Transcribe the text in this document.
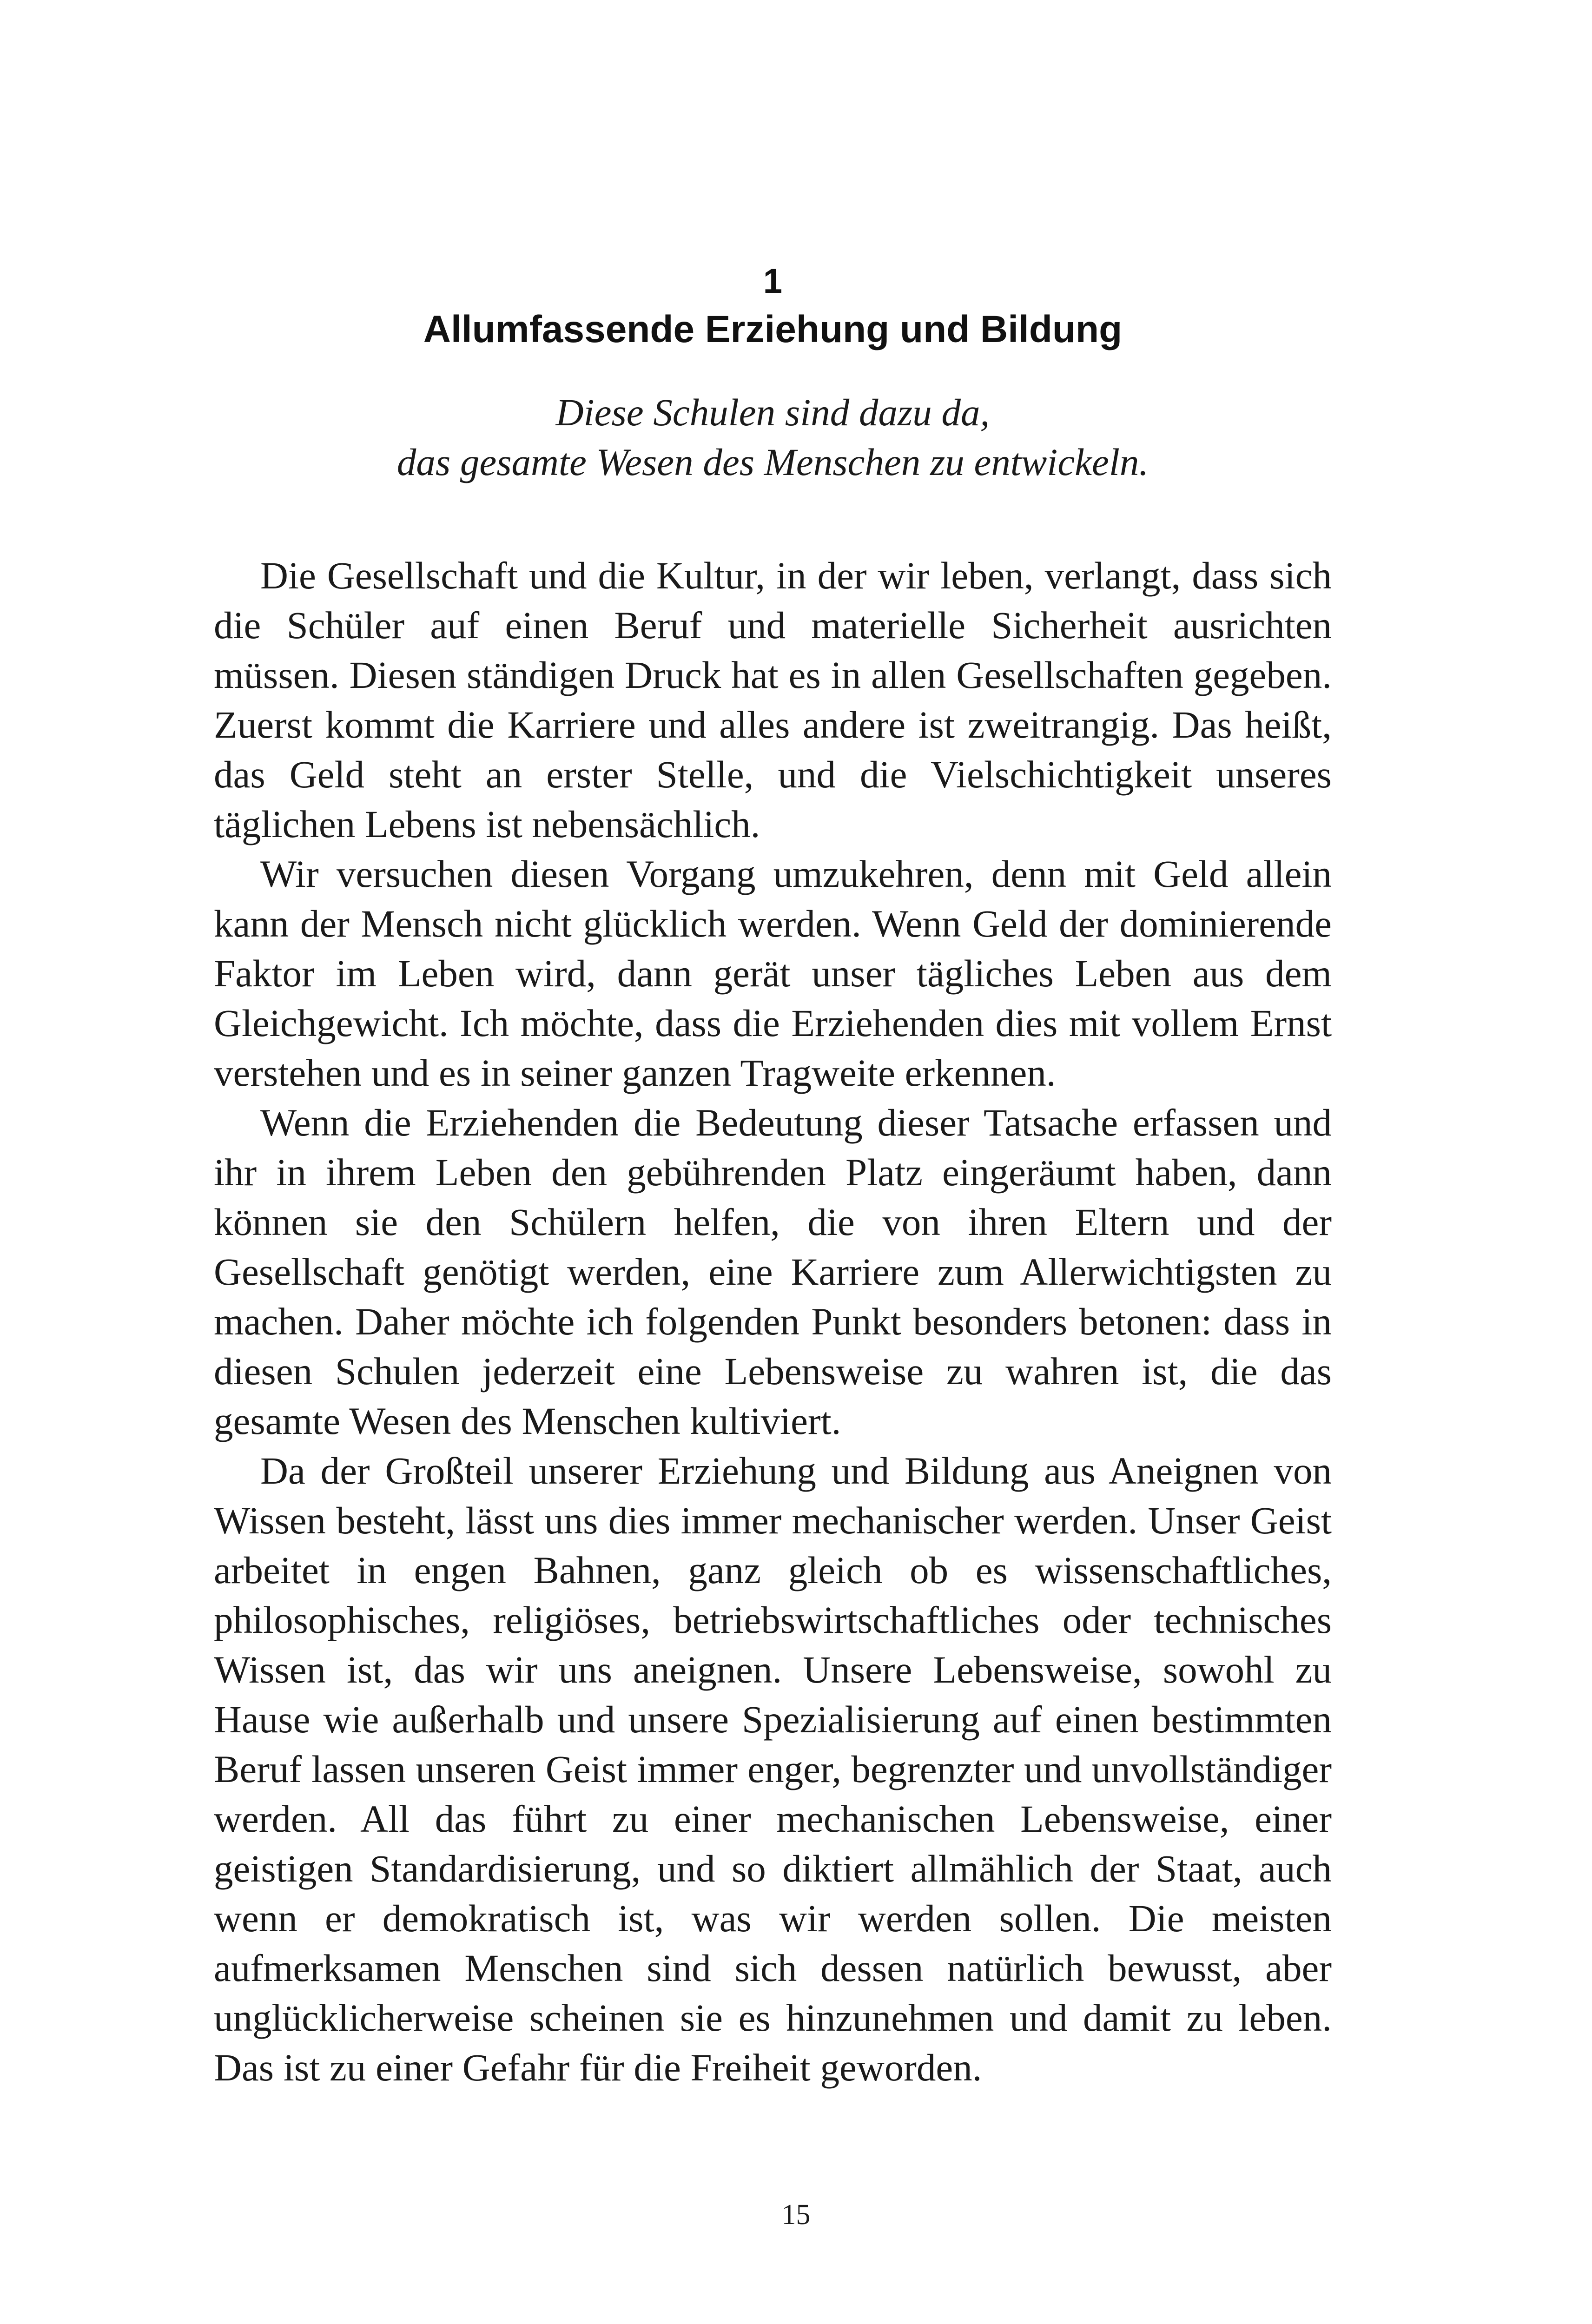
1
Allumfassende Erziehung und Bildung
Diese Schulen sind dazu da,
das gesamte Wesen des Menschen zu entwickeln.

Die Gesellschaft und die Kultur, in der wir leben, verlangt, dass sich die Schüler auf einen Beruf und materielle Sicherheit ausrichten müssen. Diesen ständigen Druck hat es in allen Gesellschaften gegeben. Zuerst kommt die Karriere und alles andere ist zweitrangig. Das heißt, das Geld steht an erster Stelle, und die Vielschichtigkeit unseres täglichen Lebens ist nebensächlich.

Wir versuchen diesen Vorgang umzukehren, denn mit Geld allein kann der Mensch nicht glücklich werden. Wenn Geld der dominierende Faktor im Leben wird, dann gerät unser tägliches Leben aus dem Gleichgewicht. Ich möchte, dass die Erziehenden dies mit vollem Ernst verstehen und es in seiner ganzen Tragweite erkennen.

Wenn die Erziehenden die Bedeutung dieser Tatsache erfassen und ihr in ihrem Leben den gebührenden Platz eingeräumt haben, dann können sie den Schülern helfen, die von ihren Eltern und der Gesellschaft genötigt werden, eine Karriere zum Allerwichtigsten zu machen. Daher möchte ich folgenden Punkt besonders betonen: dass in diesen Schulen jederzeit eine Lebensweise zu wahren ist, die das gesamte Wesen des Menschen kultiviert.

Da der Großteil unserer Erziehung und Bildung aus Aneignen von Wissen besteht, lässt uns dies immer mechanischer werden. Unser Geist arbeitet in engen Bahnen, ganz gleich ob es wissenschaftliches, philosophisches, religiöses, betriebswirtschaftliches oder technisches Wissen ist, das wir uns aneignen. Unsere Lebensweise, sowohl zu Hause wie außerhalb und unsere Spezialisierung auf einen bestimmten Beruf lassen unseren Geist immer enger, begrenzter und unvollständiger werden. All das führt zu einer mechanischen Lebensweise, einer geistigen Standardisierung, und so diktiert allmählich der Staat, auch wenn er demokratisch ist, was wir werden sollen. Die meisten aufmerksamen Menschen sind sich dessen natürlich bewusst, aber unglücklicherweise scheinen sie es hinzunehmen und damit zu leben. Das ist zu einer Gefahr für die Freiheit geworden.

15
